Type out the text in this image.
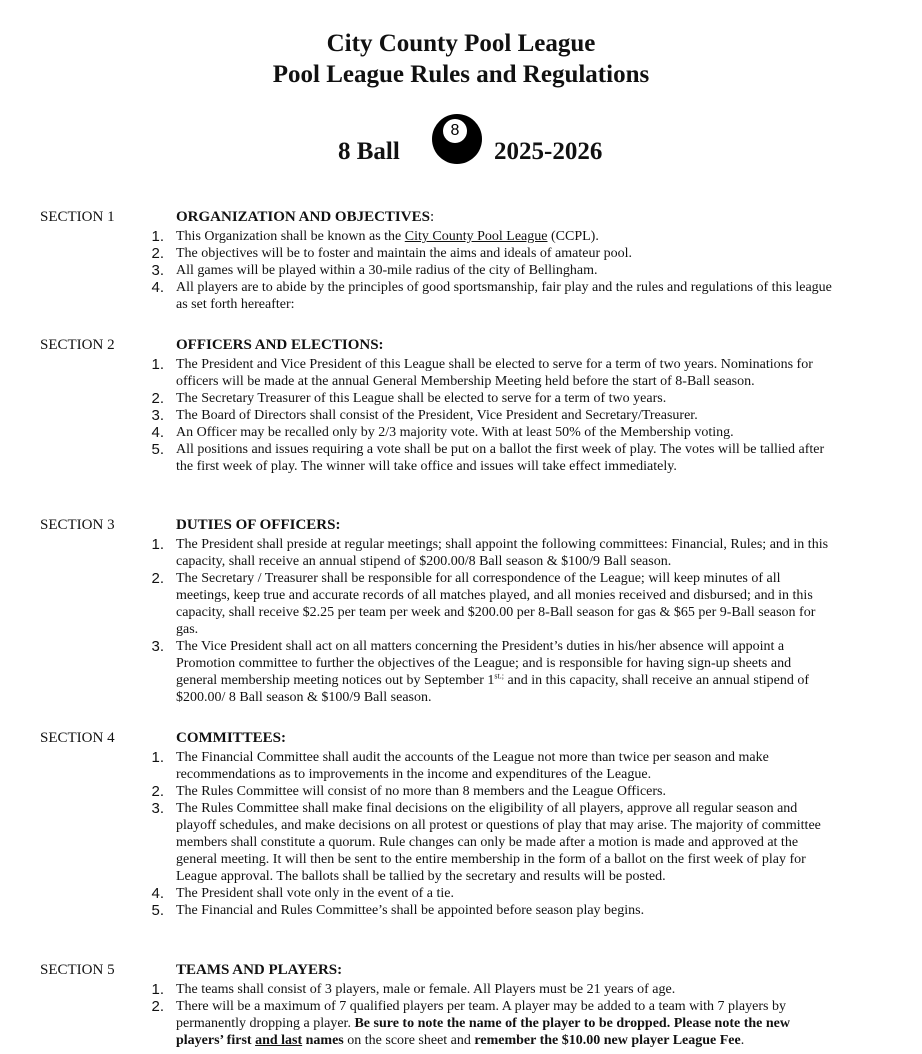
City County Pool League
Pool League Rules and Regulations
8 Ball
8
2025-2026
SECTION 1	ORGANIZATION AND OBJECTIVES:
1. This Organization shall be known as the City County Pool League (CCPL).
2. The objectives will be to foster and maintain the aims and ideals of amateur pool.
3. All games will be played within a 30-mile radius of the city of Bellingham.
4. All players are to abide by the principles of good sportsmanship, fair play and the rules and regulations of this league as set forth hereafter:
SECTION 2	OFFICERS AND ELECTIONS:
1. The President and Vice President of this League shall be elected to serve for a term of two years. Nominations for officers will be made at the annual General Membership Meeting held before the start of 8-Ball season.
2. The Secretary Treasurer of this League shall be elected to serve for a term of two years.
3. The Board of Directors shall consist of the President, Vice President and Secretary/Treasurer.
4. An Officer may be recalled only by 2/3 majority vote. With at least 50% of the Membership voting.
5. All positions and issues requiring a vote shall be put on a ballot the first week of play. The votes will be tallied after the first week of play. The winner will take office and issues will take effect immediately.
SECTION 3	DUTIES OF OFFICERS:
1. The President shall preside at regular meetings; shall appoint the following committees: Financial, Rules; and in this capacity, shall receive an annual stipend of $200.00/8 Ball season & $100/9 Ball season.
2. The Secretary / Treasurer shall be responsible for all correspondence of the League; will keep minutes of all meetings, keep true and accurate records of all matches played, and all monies received and disbursed; and in this capacity, shall receive $2.25 per team per week and $200.00 per 8-Ball season for gas & $65 per 9-Ball season for gas.
3. The Vice President shall act on all matters concerning the President’s duties in his/her absence will appoint a Promotion committee to further the objectives of the League; and is responsible for having sign-up sheets and general membership meeting notices out by September $1^{st.;}$ and in this capacity, shall receive an annual stipend of $200.00/ 8 Ball season & $100/9 Ball season.
SECTION 4	COMMITTEES:
1. The Financial Committee shall audit the accounts of the League not more than twice per season and make recommendations as to improvements in the income and expenditures of the League.
2. The Rules Committee will consist of no more than 8 members and the League Officers.
3. The Rules Committee shall make final decisions on the eligibility of all players, approve all regular season and playoff schedules, and make decisions on all protest or questions of play that may arise. The majority of committee members shall constitute a quorum. Rule changes can only be made after a motion is made and approved at the general meeting. It will then be sent to the entire membership in the form of a ballot on the first week of play for League approval. The ballots shall be tallied by the secretary and results will be posted.
4. The President shall vote only in the event of a tie.
5. The Financial and Rules Committee’s shall be appointed before season play begins.
SECTION 5	TEAMS AND PLAYERS:
1. The teams shall consist of 3 players, male or female. All Players must be 21 years of age.
2. There will be a maximum of 7 qualified players per team. A player may be added to a team with 7 players by permanently dropping a player. Be sure to note the name of the player to be dropped. Please note the new players’ first and last names on the score sheet and remember the $10.00 new player League Fee.
